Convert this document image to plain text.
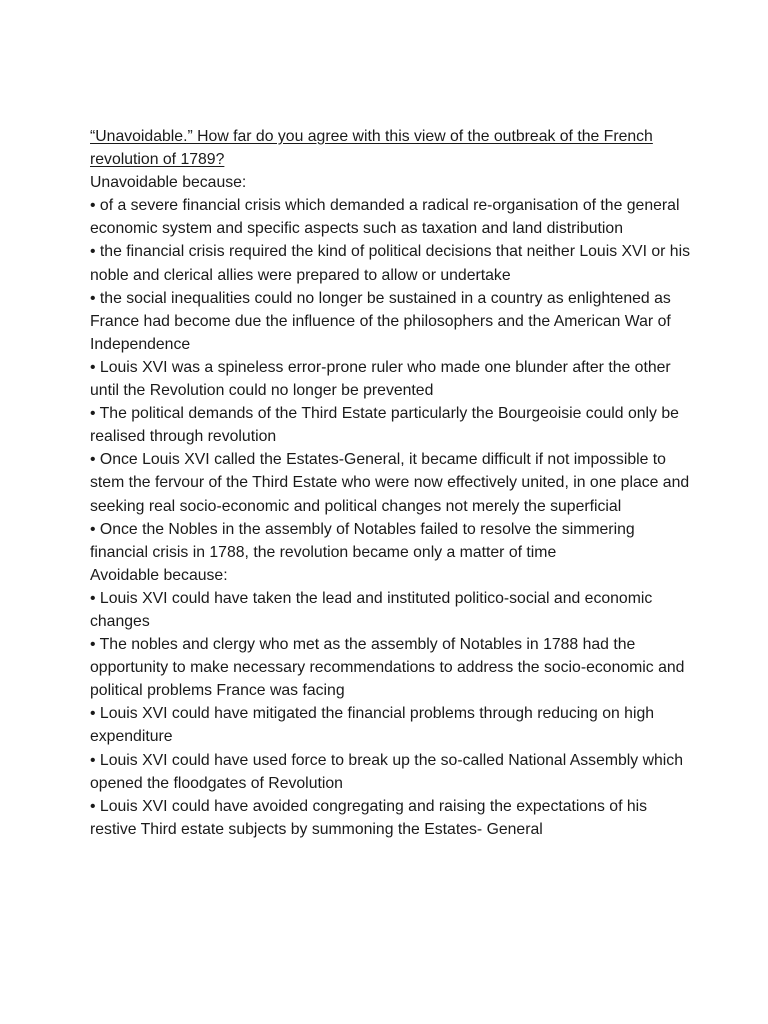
“Unavoidable.” How far do you agree with this view of the outbreak of the French revolution of 1789?

Unavoidable because:

• of a severe financial crisis which demanded a radical re-organisation of the general economic system and specific aspects such as taxation and land distribution
• the financial crisis required the kind of political decisions that neither Louis XVI or his noble and clerical allies were prepared to allow or undertake
• the social inequalities could no longer be sustained in a country as enlightened as France had become due the influence of the philosophers and the American War of Independence
• Louis XVI was a spineless error-prone ruler who made one blunder after the other until the Revolution could no longer be prevented
• The political demands of the Third Estate particularly the Bourgeoisie could only be realised through revolution
• Once Louis XVI called the Estates-General, it became difficult if not impossible to stem the fervour of the Third Estate who were now effectively united, in one place and seeking real socio-economic and political changes not merely the superficial
• Once the Nobles in the assembly of Notables failed to resolve the simmering financial crisis in 1788, the revolution became only a matter of time

Avoidable because:

• Louis XVI could have taken the lead and instituted politico-social and economic changes
• The nobles and clergy who met as the assembly of Notables in 1788 had the opportunity to make necessary recommendations to address the socio-economic and political problems France was facing
• Louis XVI could have mitigated the financial problems through reducing on high expenditure
• Louis XVI could have used force to break up the so-called National Assembly which opened the floodgates of Revolution
• Louis XVI could have avoided congregating and raising the expectations of his restive Third estate subjects by summoning the Estates- General
